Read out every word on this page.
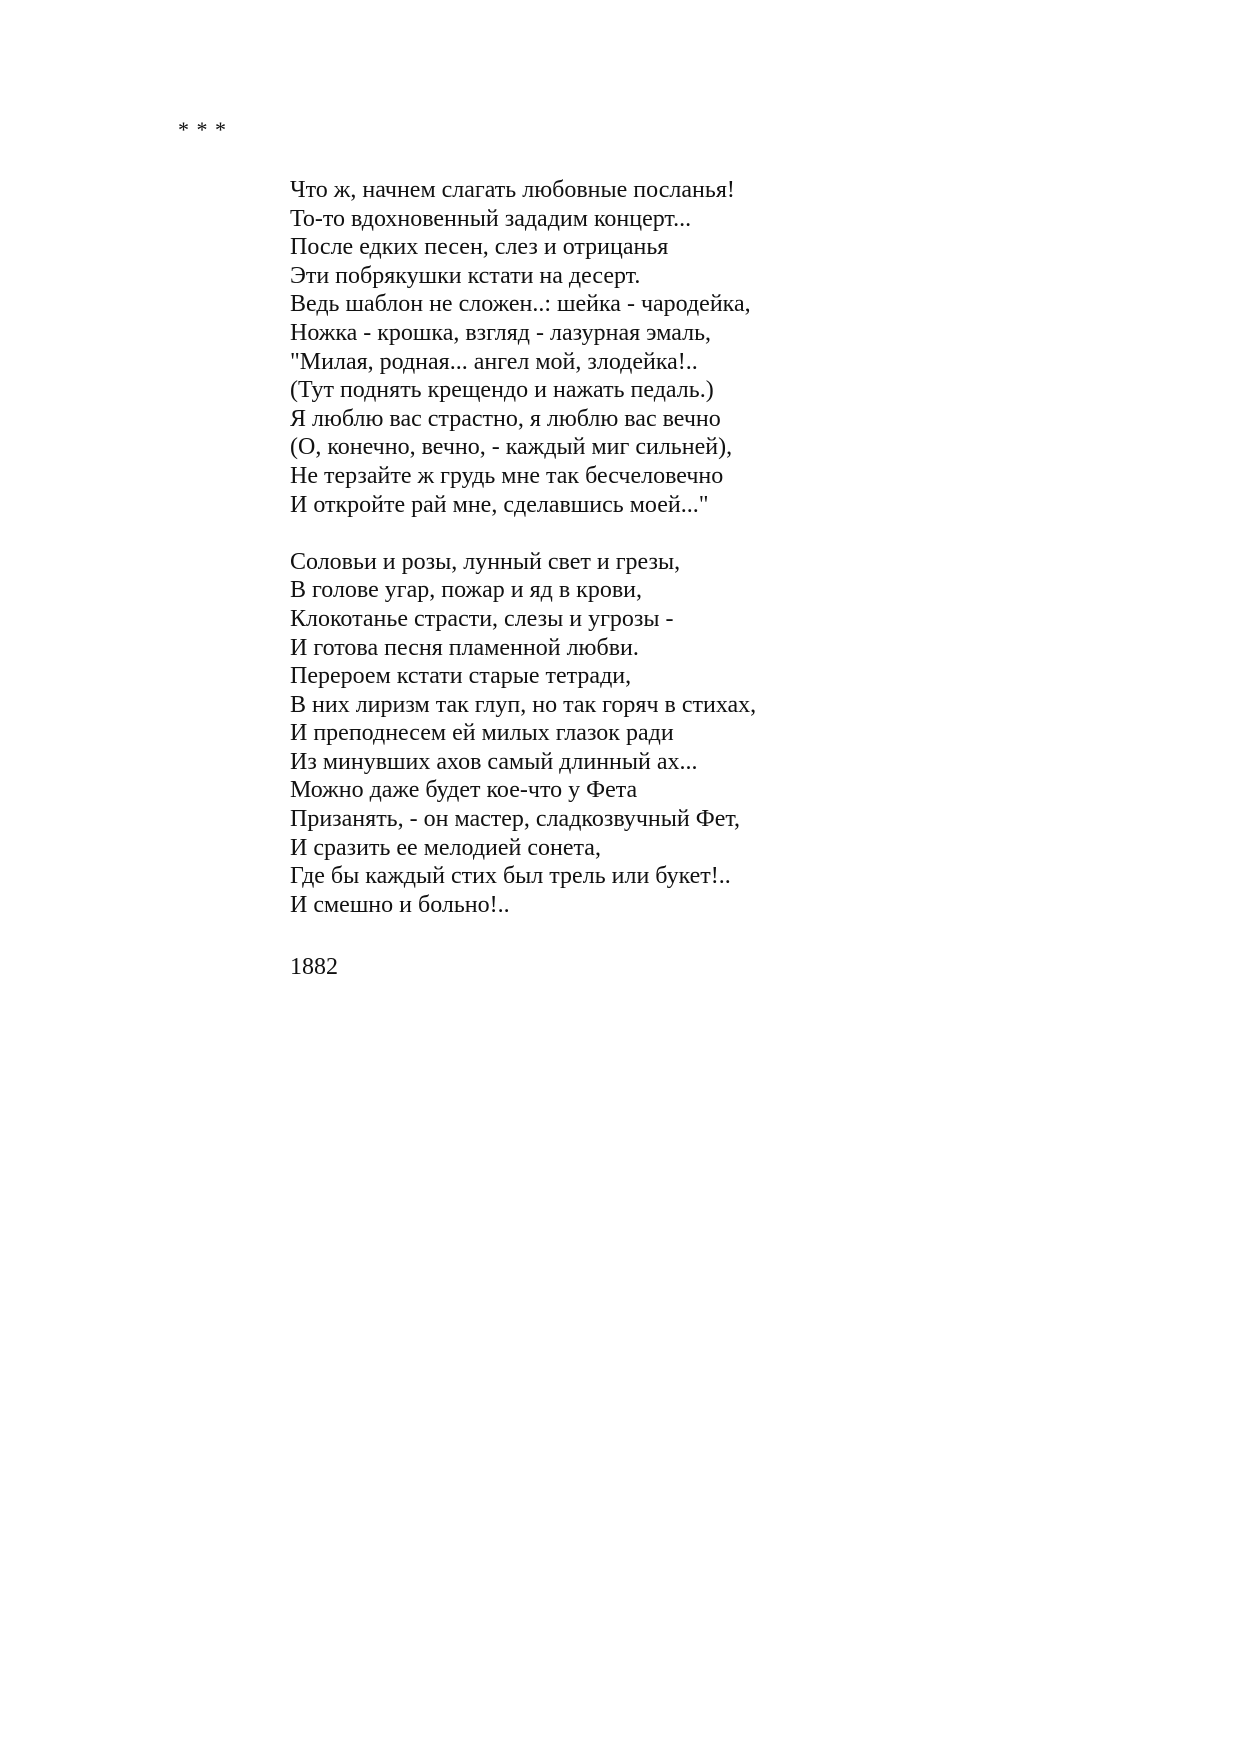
* * *
Что ж, начнем слагать любовные посланья!
То-то вдохновенный зададим концерт...
После едких песен, слез и отрицанья
Эти побрякушки кстати на десерт.
Ведь шаблон не сложен..: шейка - чародейка,
Ножка - крошка, взгляд - лазурная эмаль,
"Милая, родная... ангел мой, злодейка!..
(Тут поднять крещендо и нажать педаль.)
Я люблю вас страстно, я люблю вас вечно
(О, конечно, вечно, - каждый миг сильней),
Не терзайте ж грудь мне так бесчеловечно
И откройте рай мне, сделавшись моей..."
Соловьи и розы, лунный свет и грезы,
В голове угар, пожар и яд в крови,
Клокотанье страсти, слезы и угрозы -
И готова песня пламенной любви.
Перероем кстати старые тетради,
В них лиризм так глуп, но так горяч в стихах,
И преподнесем ей милых глазок ради
Из минувших ахов самый длинный ах...
Можно даже будет кое-что у Фета
Призанять, - он мастер, сладкозвучный Фет,
И сразить ее мелодией сонета,
Где бы каждый стих был трель или букет!..
И смешно и больно!..
1882
